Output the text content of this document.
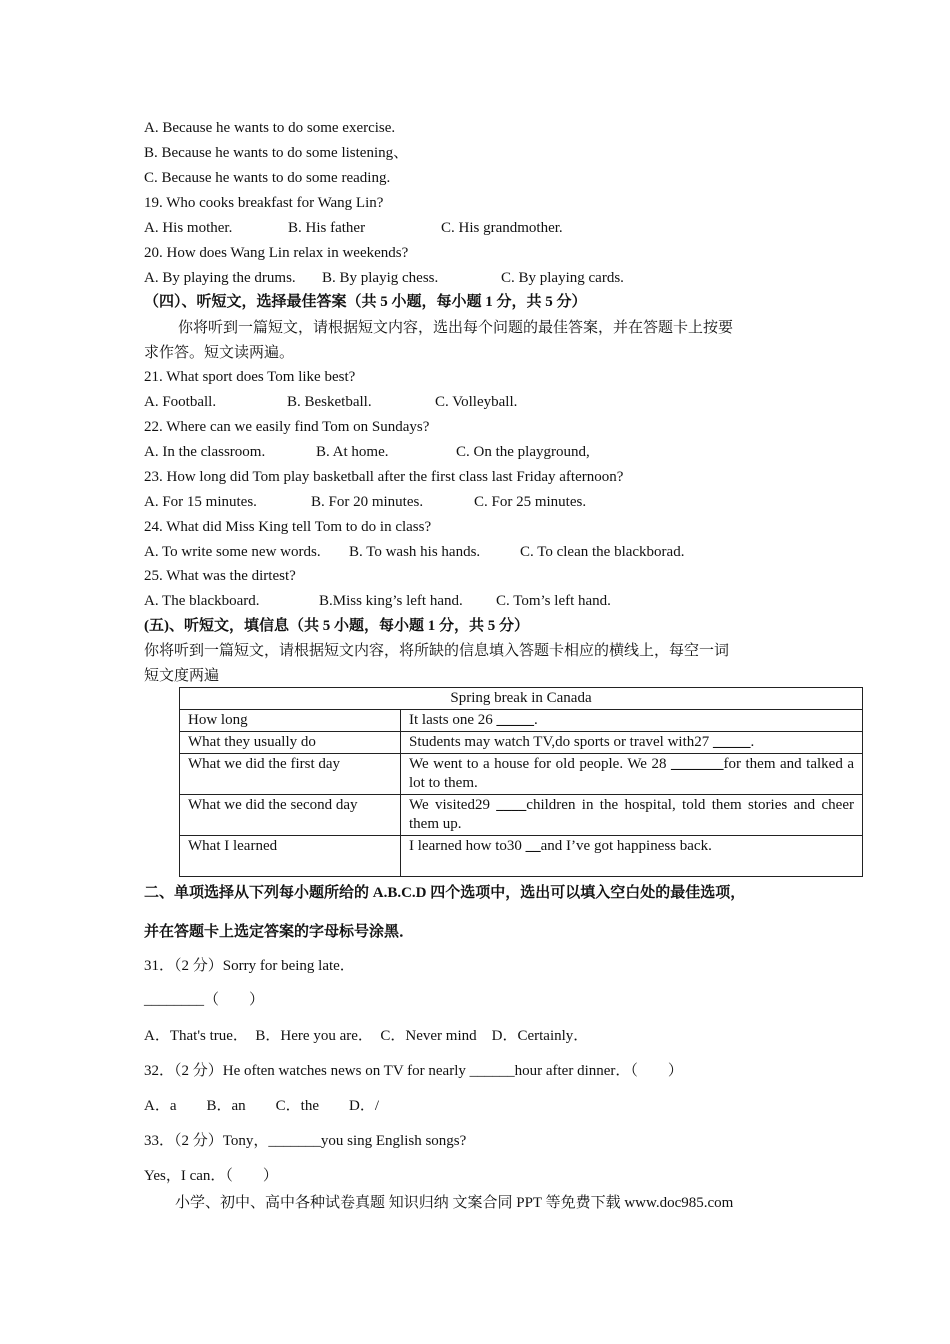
A. Because he wants to do some exercise.
B. Because he wants to do some listening、
C. Because he wants to do some reading.
19. Who cooks breakfast for Wang Lin?
A. His mother.	B. His father	C. His grandmother.
20. How does Wang Lin relax in weekends?
A. By playing the drums. B. By playig chess.	C. By playing cards.
（四）、听短文，选择最佳答案（共 5 小题，每小题 1 分，共 5 分）
你将听到一篇短文，请根据短文内容，选出每个问题的最佳答案，并在答题卡上按要
求作答。短文读两遍。
21. What sport does Tom like best?
A. Football.	B. Besketball.	C. Volleyball.
22. Where can we easily find Tom on Sundays?
A. In the classroom.	B. At home.	C. On the playground,
23. How long did Tom play basketball after the first class last Friday afternoon?
A. For 15 minutes.	B. For 20 minutes.	C. For 25 minutes.
24. What did Miss King tell Tom to do in class?
A. To write some new words. B. To wash his hands.	C. To clean the blackborad.
25. What was the dirtest?
A. The blackboard.	B.Miss king’s left hand. C. Tom’s left hand.
(五)、听短文，填信息（共 5 小题，每小题 1 分，共 5 分）
你将听到一篇短文，请根据短文内容，将所缺的信息填入答题卡相应的横线上，每空一词
短文度两遍
Spring break in Canada	
How long	It lasts one 26 _____.
What they usually do	Students may watch TV,do sports or travel with27 _____.
What we did the first day	We went to a house for old people. We 28 _______for them and talked a lot to them.
What we did the second day	We visited29 ____children in the hospital, told them stories and cheer them up.
What I learned	I learned how to30 __and I’ve got happiness back.
二、单项选择从下列每小题所给的 A.B.C.D 四个选项中，选出可以填入空白处的最佳选项，
并在答题卡上选定答案的字母标号涂黑．
31．（2 分）Sorry for being late．
________（　　）
A．That's true．　B．Here you are．　C．Never mind　D．Certainly．
32．（2 分）He often watches news on TV for nearly ______hour after dinner．（　　）
A．a　　B．an　　C．the　　D．/
33．（2 分）Tony，_______you sing English songs?
Yes，I can．（　　）
小学、初中、高中各种试卷真题 知识归纳 文案合同 PPT 等免费下载 www.doc985.com
